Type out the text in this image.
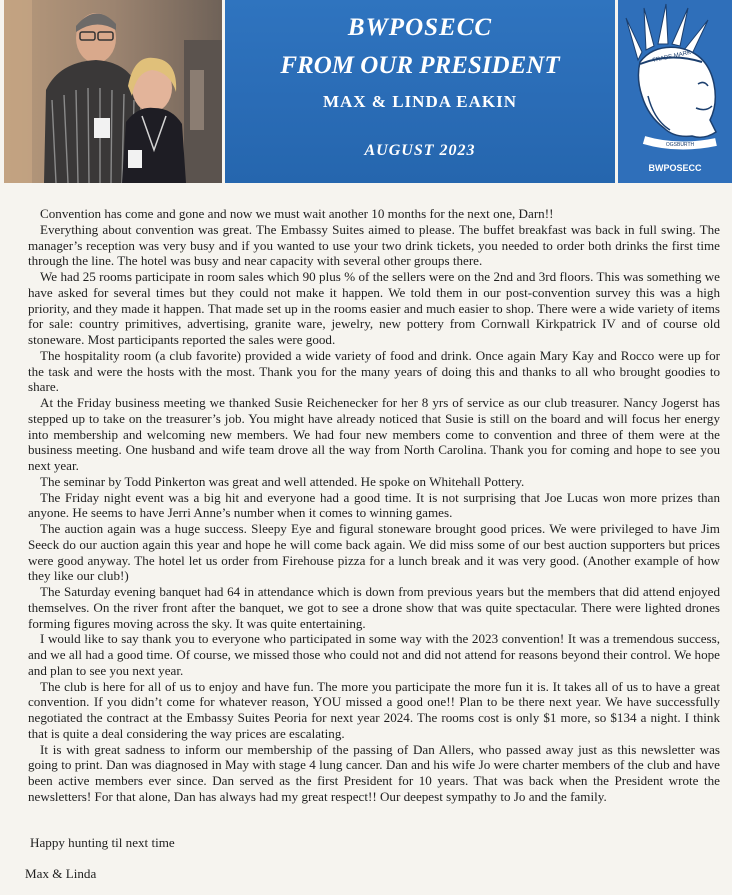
BWPOSECC
FROM OUR PRESIDENT
MAX & LINDA EAKIN
AUGUST 2023
TRADE MARK
OGSBURTH
BWPOSECC

Convention has come and gone and now we must wait another 10 months for the next one, Darn!!

Everything about convention was great. The Embassy Suites aimed to please. The buffet breakfast was back in full swing. The manager’s reception was very busy and if you wanted to use your two drink tickets, you needed to order both drinks the first time through the line. The hotel was busy and near capacity with several other groups there.

We had 25 rooms participate in room sales which 90 plus % of the sellers were on the 2nd and 3rd floors. This was something we have asked for several times but they could not make it happen. We told them in our post-convention survey this was a high priority, and they made it happen. That made set up in the rooms easier and much easier to shop. There were a wide variety of items for sale: country primitives, advertising, granite ware, jewelry, new pottery from Cornwall Kirkpatrick IV and of course old stoneware. Most participants reported the sales were good.

The hospitality room (a club favorite) provided a wide variety of food and drink. Once again Mary Kay and Rocco were up for the task and were the hosts with the most. Thank you for the many years of doing this and thanks to all who brought goodies to share.

At the Friday business meeting we thanked Susie Reichenecker for her 8 yrs of service as our club treasurer. Nancy Jogerst has stepped up to take on the treasurer’s job. You might have already noticed that Susie is still on the board and will focus her energy into membership and welcoming new members. We had four new members come to convention and three of them were at the business meeting. One husband and wife team drove all the way from North Carolina. Thank you for coming and hope to see you next year.

The seminar by Todd Pinkerton was great and well attended. He spoke on Whitehall Pottery.

The Friday night event was a big hit and everyone had a good time. It is not surprising that Joe Lucas won more prizes than anyone. He seems to have Jerri Anne’s number when it comes to winning games.

The auction again was a huge success. Sleepy Eye and figural stoneware brought good prices. We were privileged to have Jim Seeck do our auction again this year and hope he will come back again. We did miss some of our best auction supporters but prices were good anyway. The hotel let us order from Firehouse pizza for a lunch break and it was very good. (Another example of how they like our club!)

The Saturday evening banquet had 64 in attendance which is down from previous years but the members that did attend enjoyed themselves. On the river front after the banquet, we got to see a drone show that was quite spectacular. There were lighted drones forming figures moving across the sky. It was quite entertaining.

I would like to say thank you to everyone who participated in some way with the 2023 convention! It was a tremendous success, and we all had a good time. Of course, we missed those who could not and did not attend for reasons beyond their control. We hope and plan to see you next year.

The club is here for all of us to enjoy and have fun. The more you participate the more fun it is. It takes all of us to have a great convention. If you didn’t come for whatever reason, YOU missed a good one!! Plan to be there next year. We have successfully negotiated the contract at the Embassy Suites Peoria for next year 2024. The rooms cost is only $1 more, so $134 a night. I think that is quite a deal considering the way prices are escalating.

It is with great sadness to inform our membership of the passing of Dan Allers, who passed away just as this newsletter was going to print. Dan was diagnosed in May with stage 4 lung cancer. Dan and his wife Jo were charter members of the club and have been active members ever since. Dan served as the first President for 10 years. That was back when the President wrote the newsletters! For that alone, Dan has always had my great respect!! Our deepest sympathy to Jo and the family.

Happy hunting til next time
Max & Linda
